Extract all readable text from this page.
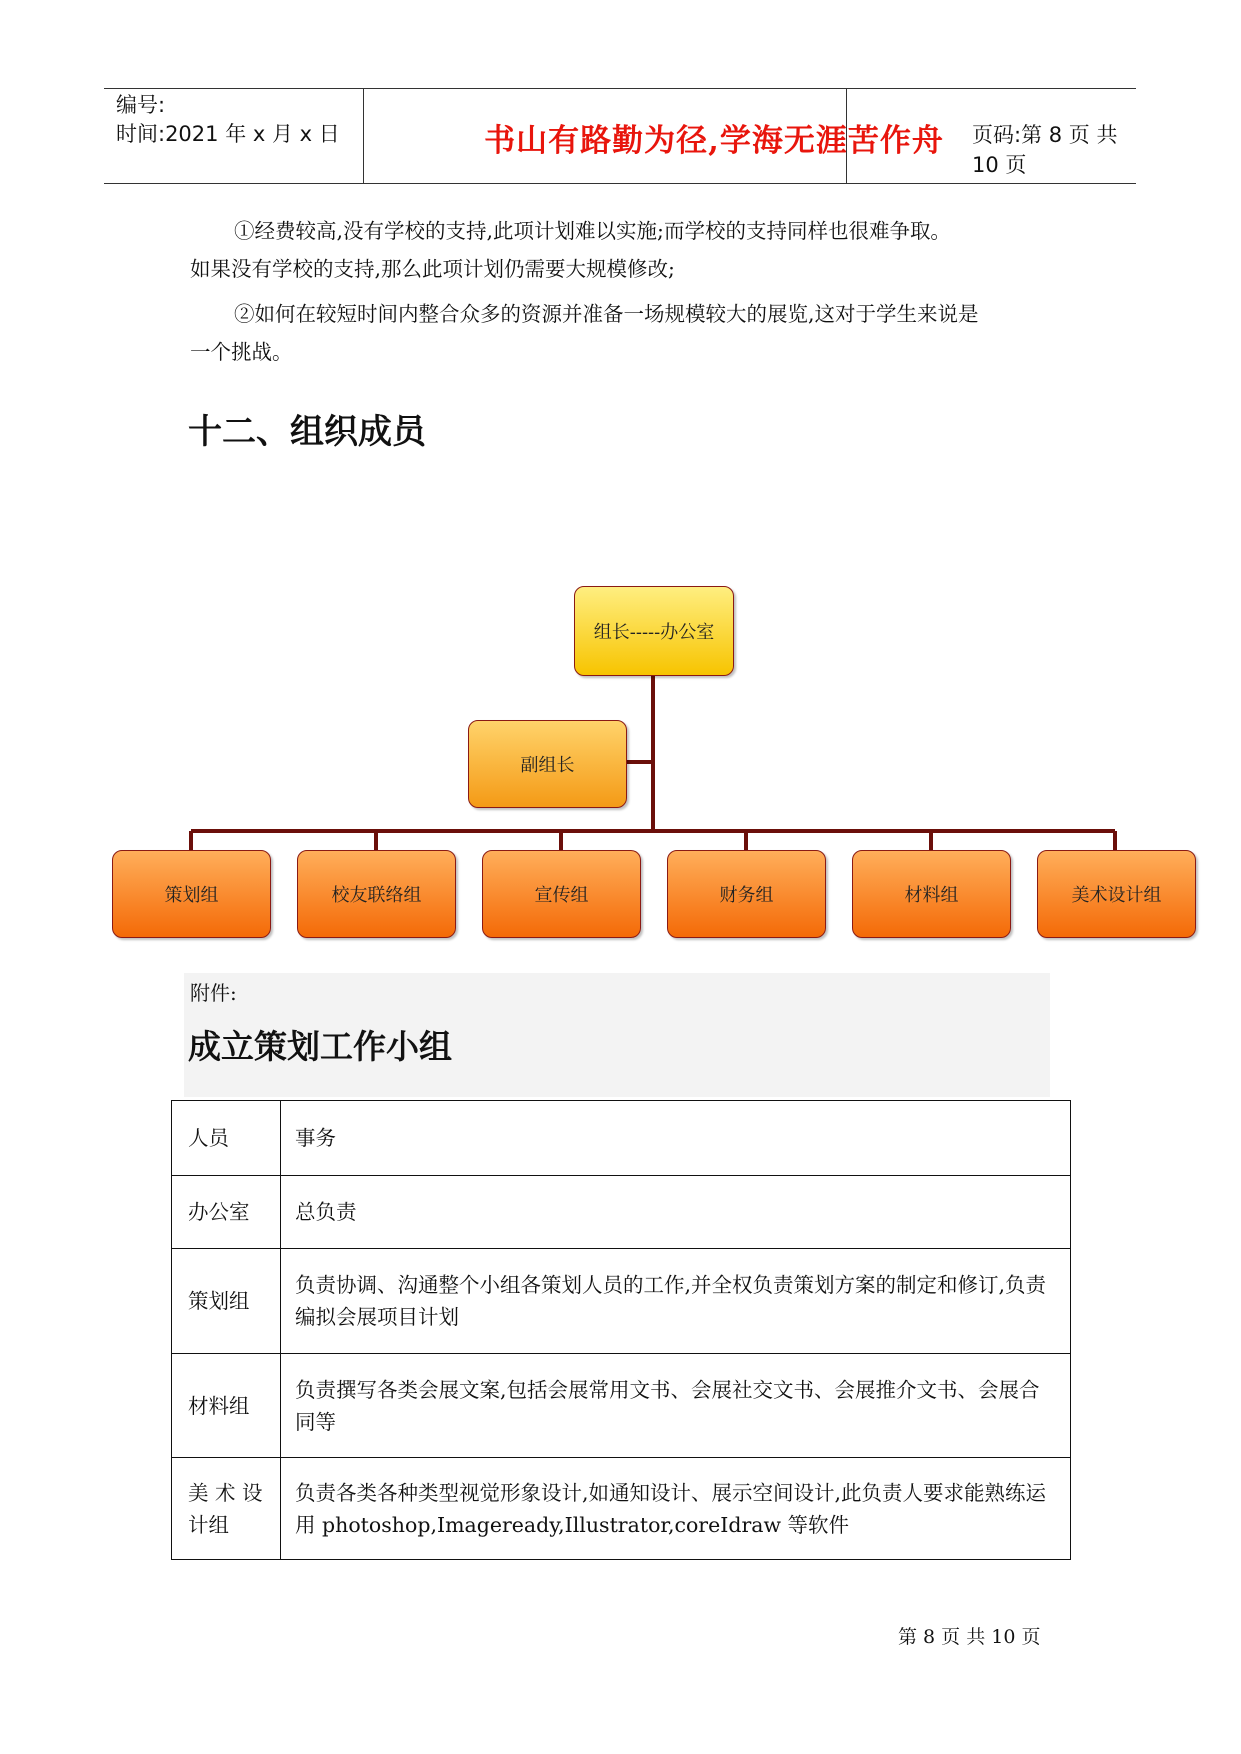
编号:
时间:2021 年 x 月 x 日	书山有路勤为径,学海无涯苦作舟	页码:第 8 页 共 10 页
①经费较高,没有学校的支持,此项计划难以实施;而学校的支持同样也很难争取。
如果没有学校的支持,那么此项计划仍需要大规模修改;
②如何在较短时间内整合众多的资源并准备一场规模较大的展览,这对于学生来说是
一个挑战。
十二、组织成员
组长-----办公室
副组长
策划组	校友联络组	宣传组	财务组	材料组	美术设计组
附件:
成立策划工作小组
人员	事务
办公室	总负责
策划组	负责协调、沟通整个小组各策划人员的工作,并全权负责策划方案的制定和修订,负责编拟会展项目计划
材料组	负责撰写各类会展文案,包括会展常用文书、会展社交文书、会展推介文书、会展合同等
美 术 设 计组	负责各类各种类型视觉形象设计,如通知设计、展示空间设计,此负责人要求能熟练运用 photoshop,Imageready,Illustrator,coreIdraw 等软件
第 8 页 共 10 页
